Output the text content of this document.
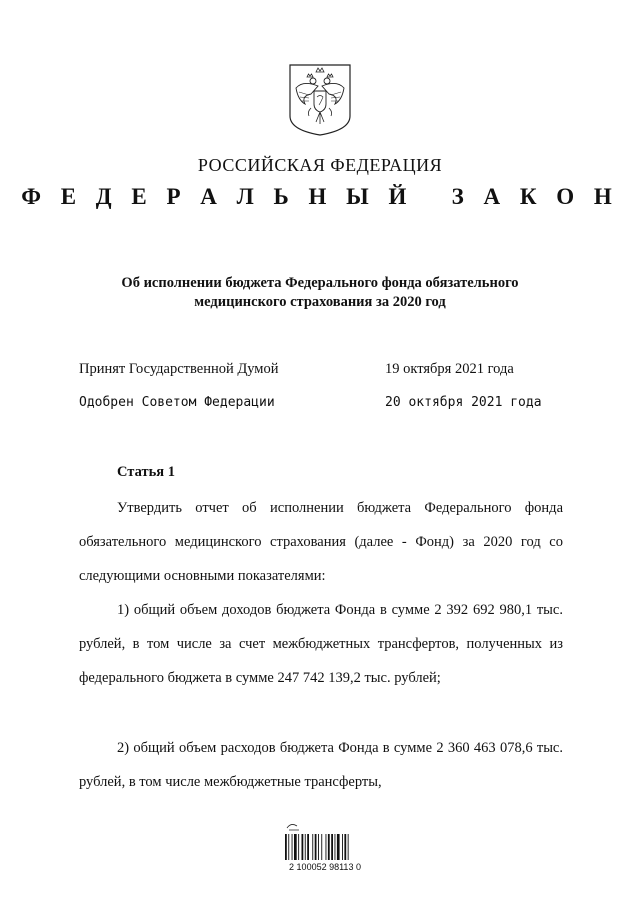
РОССИЙСКАЯ ФЕДЕРАЦИЯ
Ф Е Д Е Р А Л Ь Н Ы Й   З А К О Н
Об исполнении бюджета Федерального фонда обязательного
медицинского страхования за 2020 год
Принят Государственной Думой	19 октября 2021 года
Одобрен Советом Федерации	20 октября 2021 года
Статья 1
Утвердить отчет об исполнении бюджета Федерального фонда обязательного медицинского страхования (далее - Фонд) за 2020 год со следующими основными показателями:
1) общий объем доходов бюджета Фонда в сумме 2 392 692 980,1 тыс. рублей, в том числе за счет межбюджетных трансфертов, полученных из федерального бюджета в сумме 247 742 139,2 тыс. рублей;
2) общий объем расходов бюджета Фонда в сумме 2 360 463 078,6 тыс. рублей, в том числе межбюджетные трансферты,
2 100052 98113 0
